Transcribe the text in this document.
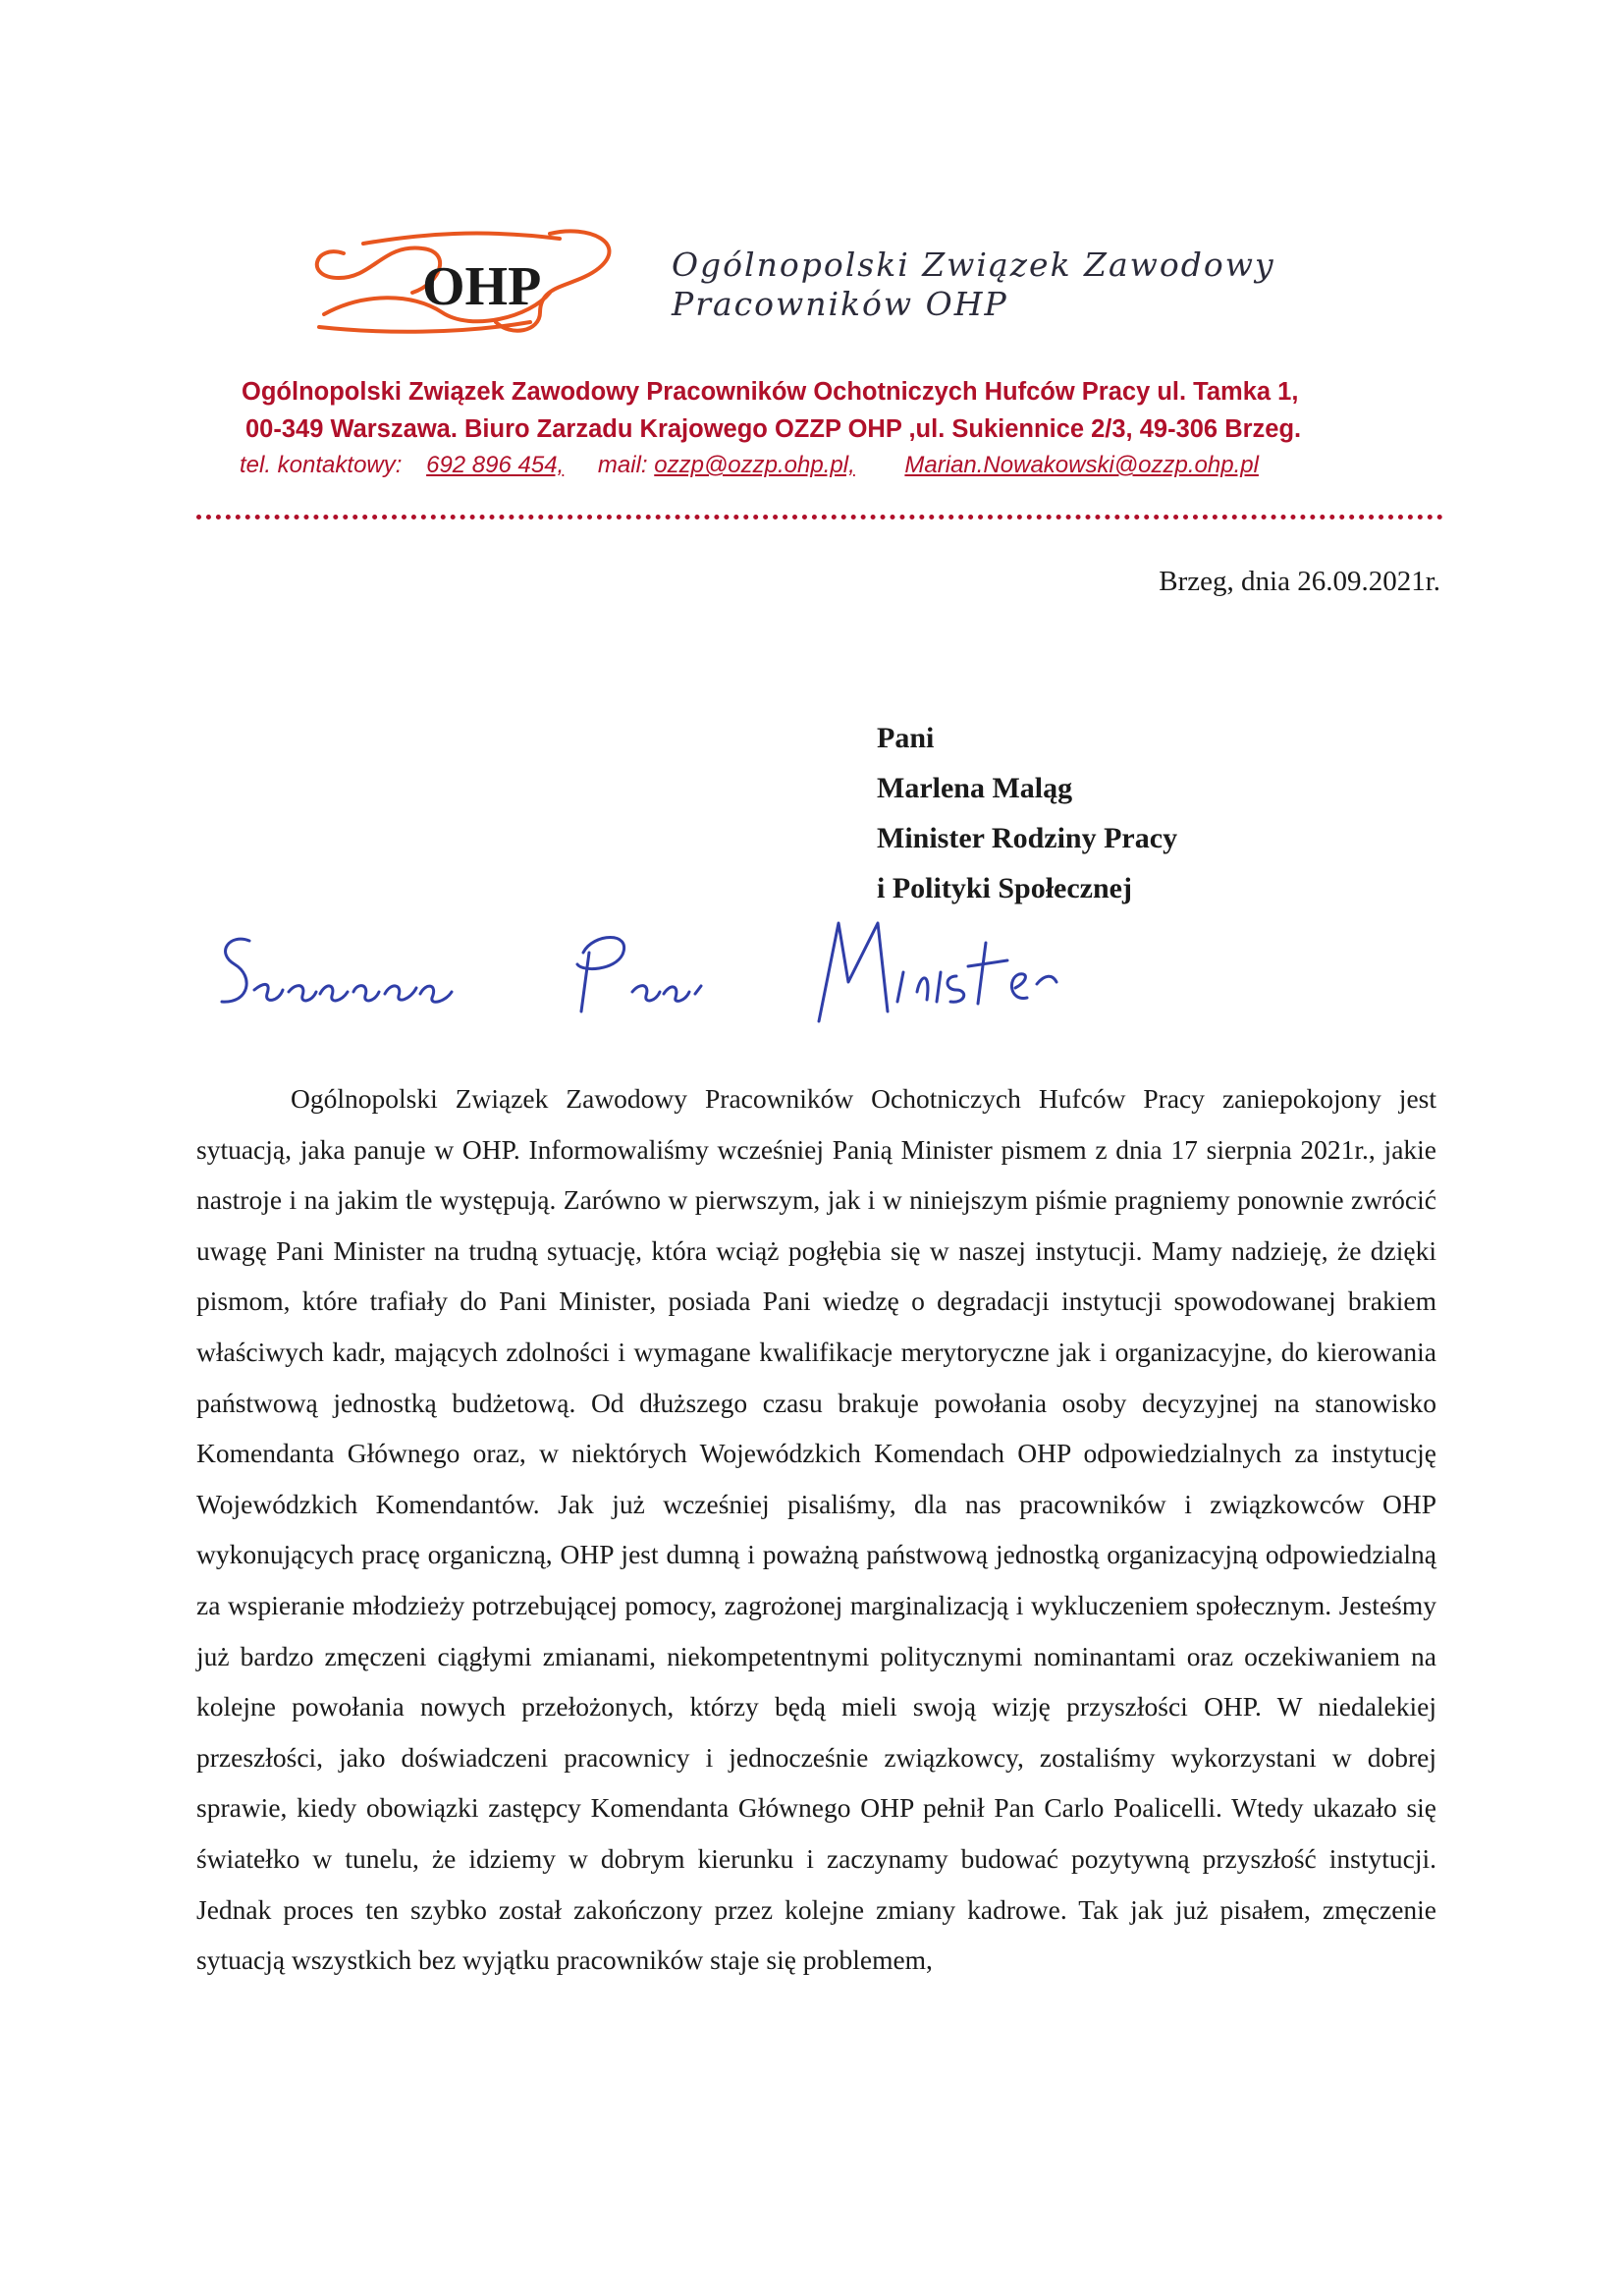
OHP	Ogólnopolski Związek Zawodowy
Pracowników OHP
Ogólnopolski Związek Zawodowy Pracowników Ochotniczych Hufców Pracy ul. Tamka 1,
00-349 Warszawa. Biuro Zarzadu Krajowego OZZP OHP ,ul. Sukiennice 2/3, 49-306 Brzeg.
tel. kontaktowy: 692 896 454, mail: ozzp@ozzp.ohp.pl, Marian.Nowakowski@ozzp.ohp.pl
Brzeg, dnia 26.09.2021r.
Pani
Marlena Maląg
Minister Rodziny Pracy
i Polityki Społecznej

Ogólnopolski Związek Zawodowy Pracowników Ochotniczych Hufców Pracy zaniepokojony jest sytuacją, jaka panuje w OHP. Informowaliśmy wcześniej Panią Minister pismem z dnia 17 sierpnia 2021r., jakie nastroje i na jakim tle występują. Zarówno w pierwszym, jak i w niniejszym piśmie pragniemy ponownie zwrócić uwagę Pani Minister na trudną sytuację, która wciąż pogłębia się w naszej instytucji. Mamy nadzieję, że dzięki pismom, które trafiały do Pani Minister, posiada Pani wiedzę o degradacji instytucji spowodowanej brakiem właściwych kadr, mających zdolności i wymagane kwalifikacje merytoryczne jak i organizacyjne, do kierowania państwową jednostką budżetową. Od dłuższego czasu brakuje powołania osoby decyzyjnej na stanowisko Komendanta Głównego oraz, w niektórych Wojewódzkich Komendach OHP odpowiedzialnych za instytucję Wojewódzkich Komendantów. Jak już wcześniej pisaliśmy, dla nas pracowników i związkowców OHP wykonujących pracę organiczną, OHP jest dumną i poważną państwową jednostką organizacyjną odpowiedzialną za wspieranie młodzieży potrzebującej pomocy, zagrożonej marginalizacją i wykluczeniem społecznym. Jesteśmy już bardzo zmęczeni ciągłymi zmianami, niekompetentnymi politycznymi nominantami oraz oczekiwaniem na kolejne powołania nowych przełożonych, którzy będą mieli swoją wizję przyszłości OHP. W niedalekiej przeszłości, jako doświadczeni pracownicy i jednocześnie związkowcy, zostaliśmy wykorzystani w dobrej sprawie, kiedy obowiązki zastępcy Komendanta Głównego OHP pełnił Pan Carlo Poalicelli. Wtedy ukazało się światełko w tunelu, że idziemy w dobrym kierunku i zaczynamy budować pozytywną przyszłość instytucji. Jednak proces ten szybko został zakończony przez kolejne zmiany kadrowe. Tak jak już pisałem, zmęczenie sytuacją wszystkich bez wyjątku pracowników staje się problemem,
